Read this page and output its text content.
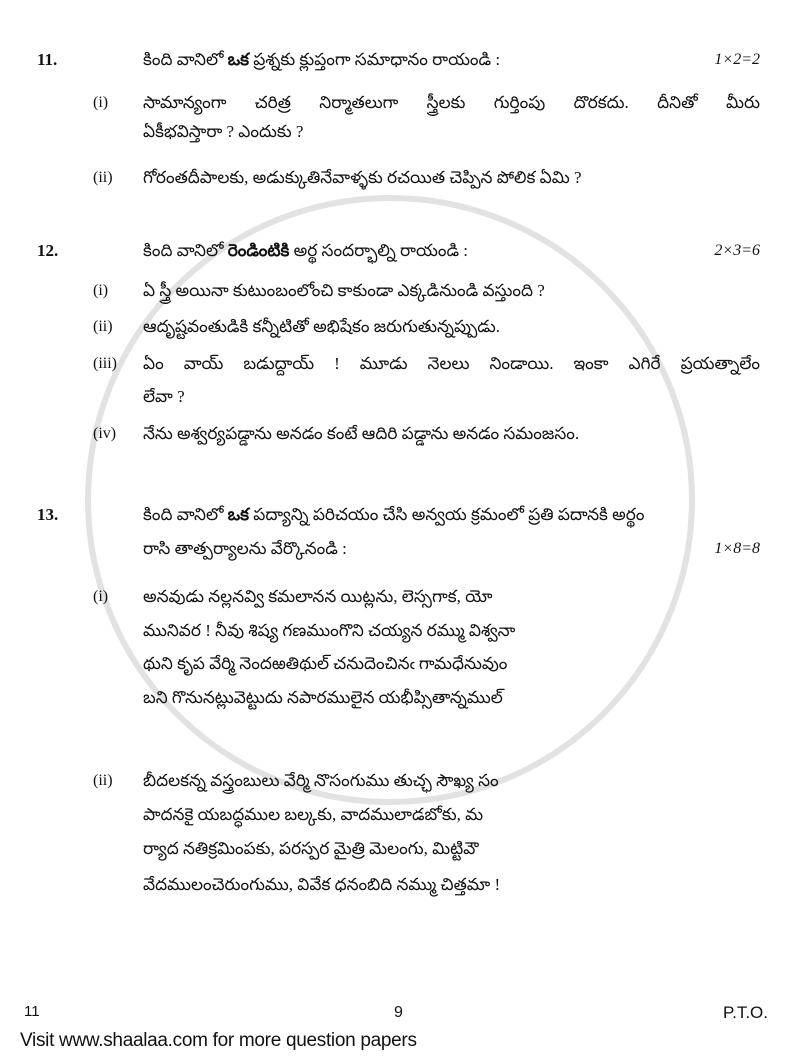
11.	కింది వానిలో ఒక ప్రశ్నకు క్లుప్తంగా సమాధానం రాయండి :	1×2=2
(i) సామాన్యంగా చరిత్ర నిర్మాతలుగా స్త్రీలకు గుర్తింపు దొరకదు. దీనితో మీరు
ఏకీభవిస్తారా ? ఎందుకు ?
(ii) గోరంతదీపాలకు, అడుక్కుతినేవాళ్ళకు రచయిత చెప్పిన పోలిక ఏమి ?
12.	కింది వానిలో రెండింటికి అర్థ సందర్భాల్ని రాయండి :	2×3=6
(i) ఏ స్త్రీ అయినా కుటుంబంలోంచి కాకుండా ఎక్కడినుండి వస్తుంది ?
(ii) ఆదృష్టవంతుడికి కన్నీటితో అభిషేకం జరుగుతున్నప్పుడు.
(iii) ఏం వాయ్ బడుద్దాయ్ ! మూడు నెలలు నిండాయి. ఇంకా ఎగిరే ప్రయత్నాలేం
లేవా ?
(iv) నేను అశ్వర్యపడ్డాను అనడం కంటే ఆదిరి పడ్డాను అనడం సమంజసం.
13.	కింది వానిలో ఒక పద్యాన్ని పరిచయం చేసి అన్వయ క్రమంలో ప్రతి పదానకి అర్థం
రాసి తాత్పర్యాలను వేర్కొనండి :	1×8=8
(i) అనవుడు నల్లనవ్వి కమలానన యిట్లను, లెస్సగాక, యో
మునివర ! నీవు శిష్య గణముంగొని చయ్యన రమ్ము విశ్వనా
థుని కృప వేర్మి నెందఱతిథుల్ చనుదెంచినఁ గామధేనువుం
బని గొనునట్లువెట్టుదు నపారములైన యభీప్సితాన్నముల్
(ii) బీదలకన్న వస్త్రంబులు వేర్మి నొసంగుము తుచ్ఛ సౌఖ్య సం
పాదనకై యబద్ధముల బల్కకు, వాదములాడబోకు, మ
ర్యాద నతిక్రమింపకు, పరస్పర మైత్రి మెలంగు, మిట్టివౌ
వేదములంచెరుంగుము, వివేక ధనంబిది నమ్ము చిత్తమా !
11	9	P.T.O.
Visit www.shaalaa.com for more question papers
